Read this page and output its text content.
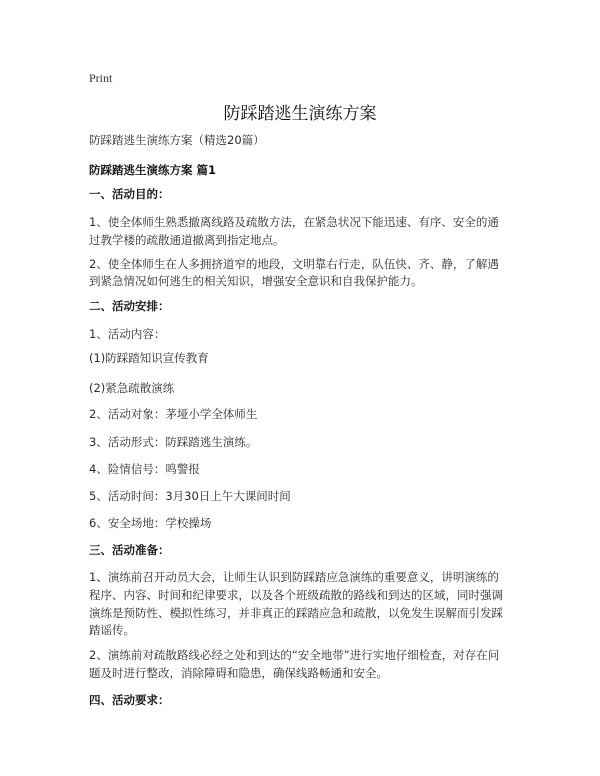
Print
防踩踏逃生演练方案

防踩踏逃生演练方案（精选20篇）

防踩踏逃生演练方案 篇1

一、活动目的：

1、使全体师生熟悉撤离线路及疏散方法，在紧急状况下能迅速、有序、安全的通

过教学楼的疏散通道撤离到指定地点。

2、使全体师生在人多拥挤道窄的地段，文明靠右行走，队伍快、齐、静，了解遇

到紧急情况如何逃生的相关知识，增强安全意识和自我保护能力。

二、活动安排：

1、活动内容：

(1)防踩踏知识宣传教育

(2)紧急疏散演练

2、活动对象：茅垭小学全体师生

3、活动形式：防踩踏逃生演练。

4、险情信号：鸣警报

5、活动时间：3月30日上午大课间时间

6、安全场地：学校操场

三、活动准备：

1、演练前召开动员大会，让师生认识到防踩踏应急演练的重要意义，讲明演练的

程序、内容、时间和纪律要求，以及各个班级疏散的路线和到达的区域，同时强调

演练是预防性、模拟性练习，并非真正的踩踏应急和疏散，以免发生误解而引发踩

踏谣传。

2、演练前对疏散路线必经之处和到达的“安全地带”进行实地仔细检查，对存在问

题及时进行整改，消除障碍和隐患，确保线路畅通和安全。

四、活动要求：
